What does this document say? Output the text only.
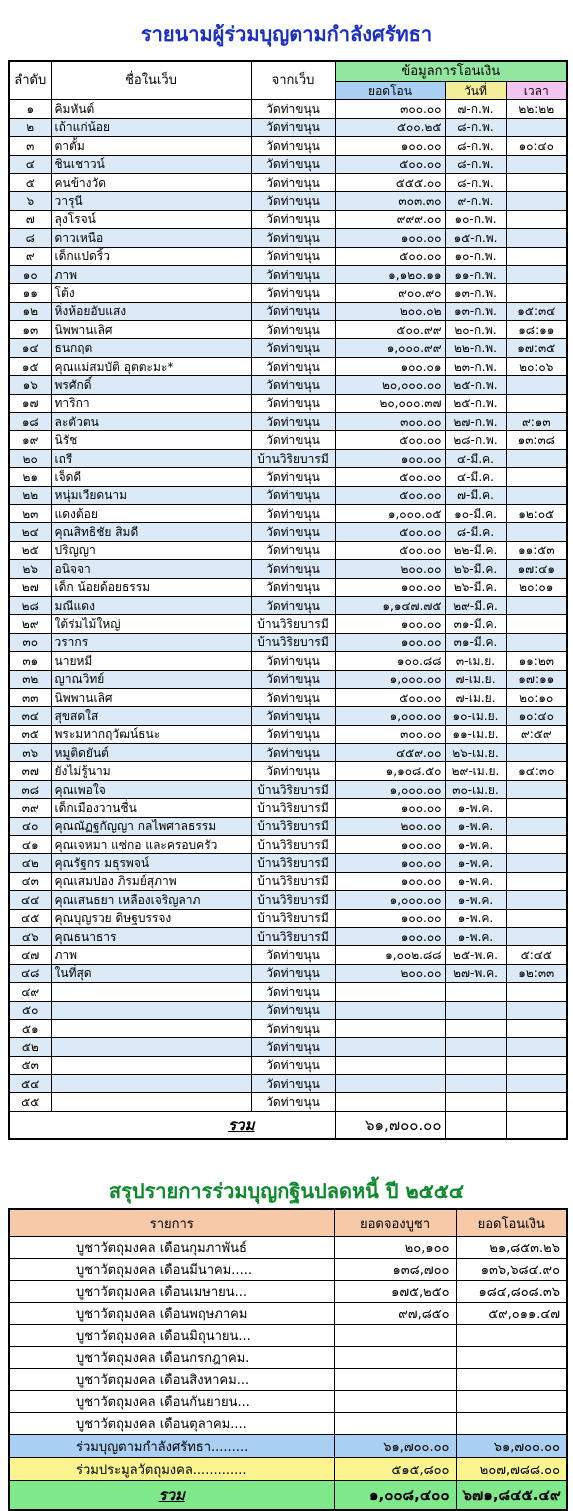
รายนามผู้ร่วมบุญตามกำลังศรัทธา
ลำดับ	ชื่อในเว็บ	จากเว็บ	ข้อมูลการโอนเงิน		
			ยอดโอน	วันที่	เวลา
๑	คิมหันต์	วัดท่าขนุน	๓๐๐.๐๐	๗-ก.พ.	๒๒:๒๒
๒	เถ้าแก่น้อย	วัดท่าขนุน	๕๐๐.๒๕	๘-ก.พ.	
๓	ตาตั้ม	วัดท่าขนุน	๑๐๐.๐๐	๘-ก.พ.	๑๐:๔๐
๔	ชินเชาวน์	วัดท่าขนุน	๕๐๐.๐๐	๘-ก.พ.	
๕	คนข้างวัด	วัดท่าขนุน	๕๕๕.๐๐	๘-ก.พ.	
๖	วารุนี	วัดท่าขนุน	๓๐๓.๓๐	๙-ก.พ.	
๗	ลุงโรจน์	วัดท่าขนุน	๙๙๙.๐๐	๑๐-ก.พ.	
๘	ดาวเหนือ	วัดท่าขนุน	๑๐๐.๐๐	๑๕-ก.พ.	
๙	เด็กแปดริ้ว	วัดท่าขนุน	๕๐๐.๐๐	๑๐-ก.พ.	
๑๐	ภาพ	วัดท่าขนุน	๑,๑๒๐.๑๑	๑๑-ก.พ.	
๑๑	โต้ง	วัดท่าขนุน	๙๐๐.๙๐	๑๓-ก.พ.	
๑๒	หิ่งห้อยอับแสง	วัดท่าขนุน	๒๐๐.๐๒	๑๓-ก.พ.	๑๕:๓๔
๑๓	นิพพานเลิศ	วัดท่าขนุน	๕๐๐.๙๙	๒๐-ก.พ.	๑๘:๑๑
๑๔	ธนกฤต	วัดท่าขนุน	๑,๐๐๐.๙๙	๒๒-ก.พ.	๑๗:๓๕
๑๕	คุณแม่สมบัติ อุตตะมะ*	วัดท่าขนุน	๑๐๐.๐๑	๒๓-ก.พ.	๒๐:๐๖
๑๖	พรศักดิ์	วัดท่าขนุน	๒๐,๐๐๐.๐๐	๒๕-ก.พ.	
๑๗	ทาริกา	วัดท่าขนุน	๒๐,๐๐๐.๓๗	๒๕-ก.พ.	
๑๘	ละตัวตน	วัดท่าขนุน	๓๐๐.๐๐	๒๗-ก.พ.	๙:๑๓
๑๙	นิรัช	วัดท่าขนุน	๕๐๐.๐๐	๒๘-ก.พ.	๑๓:๓๘
๒๐	เถรี	บ้านวิริยบารมี	๑๐๐.๐๐	๔-มี.ค.	
๒๑	เจ็ดดี	วัดท่าขนุน	๕๐๐.๐๐	๔-มี.ค.	
๒๒	หนุ่มเวียดนาม	วัดท่าขนุน	๕๐๐.๐๐	๗-มี.ค.	
๒๓	แดงต้อย	วัดท่าขนุน	๑,๐๐๐.๐๕	๑๐-มี.ค.	๑๒:๐๕
๒๔	คุณสิทธิชัย สิมดี	วัดท่าขนุน	๕๐๐.๐๐	๘-มี.ค.	
๒๕	ปริญญา	วัดท่าขนุน	๕๐๐.๐๐	๒๒-มี.ค.	๑๑:๕๓
๒๖	อนิจจา	วัดท่าขนุน	๒๐๐.๐๐	๒๖-มี.ค.	๑๗:๔๑
๒๗	เด็ก น้อยด้อยธรรม	วัดท่าขนุน	๑๐๐.๐๐	๒๖-มี.ค.	๒๐:๐๑
๒๘	มณีแดง	วัดท่าขนุน	๑,๑๔๗.๗๕	๒๙-มี.ค.	
๒๙	ใต้ร่มไม้ใหญ่	บ้านวิริยบารมี	๑๐๐.๐๐	๓๑-มี.ค.	
๓๐	วรากร	บ้านวิริยบารมี	๑๐๐.๐๐	๓๑-มี.ค.	
๓๑	นายหมี	วัดท่าขนุน	๑๐๐.๘๘	๓-เม.ย.	๑๑:๒๓
๓๒	ญาณวิทย์	วัดท่าขนุน	๑,๐๐๐.๐๐	๗-เม.ย.	๑๗:๑๑
๓๓	นิพพานเลิศ	วัดท่าขนุน	๕๐๐.๐๐	๗-เม.ย.	๒๐:๑๐
๓๔	สุขสดใส	วัดท่าขนุน	๑,๐๐๐.๐๐	๑๐-เม.ย.	๑๐:๔๐
๓๕	พระมหากฤวัฒน์ธนะ	วัดท่าขนุน	๓๐๐.๐๐	๑๑-เม.ย.	๙:๕๙
๓๖	หมูติดยันต์	วัดท่าขนุน	๔๕๙.๐๐	๒๖-เม.ย.	
๓๗	ยังไม่รู้นาม	วัดท่าขนุน	๑,๑๐๘.๕๐	๒๙-เม.ย.	๑๔:๓๐
๓๘	คุณเพอใจ	บ้านวิริยบารมี	๑,๐๐๐.๐๐	๓๐-เม.ย.	
๓๙	เด็กเมืองวานชื่น	บ้านวิริยบารมี	๑๐๐.๐๐	๑-พ.ค.	
๔๐	คุณณัฏฐกัญญา กลไพศาลธรรม	บ้านวิริยบารมี	๒๐๐.๐๐	๑-พ.ค.	
๔๑	คุณเจหมา แซ่กอ และครอบครัว	บ้านวิริยบารมี	๑๐๐.๐๐	๑-พ.ค.	
๔๒	คุณรัฐกร มธุรพจน์	บ้านวิริยบารมี	๑๐๐.๐๐	๑-พ.ค.	
๔๓	คุณเสมปอง ภิรมย์สุภาพ	บ้านวิริยบารมี	๑๐๐.๐๐	๑-พ.ค.	
๔๔	คุณเสนธยา เหลืองเจริญลาภ	บ้านวิริยบารมี	๑,๐๐๐.๐๐	๑-พ.ค.	
๔๕	คุณบุญรวย ดิษฐบรรจง	บ้านวิริยบารมี	๑๐๐.๐๐	๑-พ.ค.	
๔๖	คุณธนาธาร	บ้านวิริยบารมี	๑๐๐.๐๐	๑-พ.ค.	
๔๗	ภาพ	วัดท่าขนุน	๑,๐๐๒.๘๘	๒๕-พ.ค.	๕:๔๕
๔๘	ในที่สุด	วัดท่าขนุน	๒๐๐.๐๐	๒๗-พ.ค.	๑๒:๓๓
๔๙		วัดท่าขนุน			
๕๐		วัดท่าขนุน			
๕๑		วัดท่าขนุน			
๕๒		วัดท่าขนุน			
๕๓		วัดท่าขนุน			
๕๔		วัดท่าขนุน			
๕๕		วัดท่าขนุน			
รวม			๖๑,๗๐๐.๐๐		
สรุปรายการร่วมบุญกฐินปลดหนี้ ปี ๒๕๕๔
รายการ	ยอดจองบูชา	ยอดโอนเงิน
บูชาวัตถุมงคล เดือนกุมภาพันธ์	๒๐,๑๐๐	๒๑,๘๕๓.๒๖
บูชาวัตถุมงคล เดือนมีนาคม.....	๑๓๘,๗๐๐	๑๓๖,๖๘๔.๙๐
บูชาวัตถุมงคล เดือนเมษายน...	๑๗๕,๒๕๐	๑๘๔,๘๐๘.๓๖
บูชาวัตถุมงคล เดือนพฤษภาคม	๙๗,๘๕๐	๕๙,๐๑๑.๔๗
บูชาวัตถุมงคล เดือนมิถุนายน...		
บูชาวัตถุมงคล เดือนกรกฎาคม.		
บูชาวัตถุมงคล เดือนสิงหาคม...		
บูชาวัตถุมงคล เดือนกันยายน...		
บูชาวัตถุมงคล เดือนตุลาคม....		
ร่วมบุญตามกำลังศรัทธา.........	๖๑,๗๐๐.๐๐	๖๑,๗๐๐.๐๐
ร่วมประมูลวัตถุมงคล.............	๕๑๕,๘๐๐	๒๐๗,๗๘๘.๐๐
รวม	๑,๐๐๘,๔๐๐	๖๗๑,๘๔๕.๔๙
